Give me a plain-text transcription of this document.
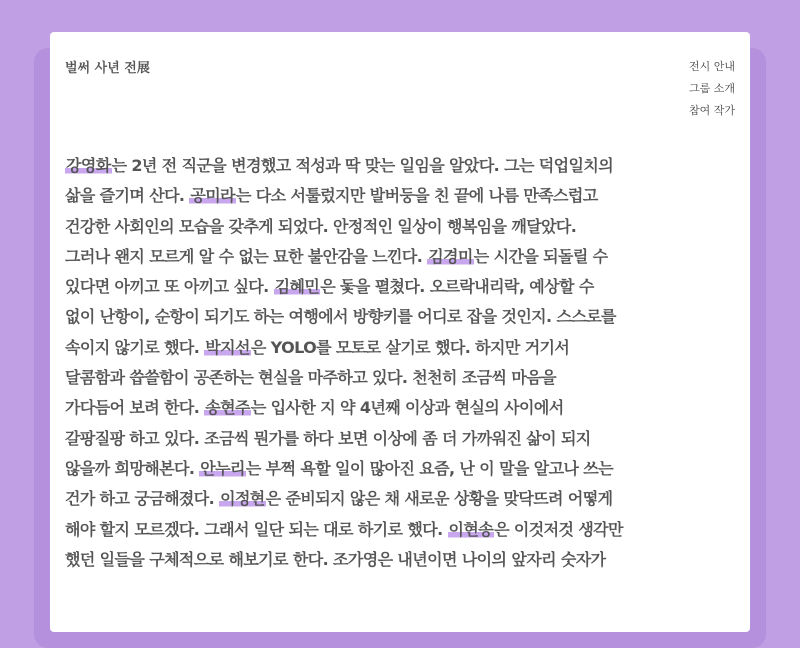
벌써 사년 전展	전시 안내
그룹 소개
참여 작가
강영화는 2년 전 직군을 변경했고 적성과 딱 맞는 일임을 알았다. 그는 덕업일치의
삶을 즐기며 산다. 공미라는 다소 서툴렀지만 발버둥을 친 끝에 나름 만족스럽고
건강한 사회인의 모습을 갖추게 되었다. 안정적인 일상이 행복임을 깨달았다.
그러나 왠지 모르게 알 수 없는 묘한 불안감을 느낀다. 김경미는 시간을 되돌릴 수
있다면 아끼고 또 아끼고 싶다. 김혜민은 돛을 펼쳤다. 오르락내리락, 예상할 수
없이 난항이, 순항이 되기도 하는 여행에서 방향키를 어디로 잡을 것인지. 스스로를
속이지 않기로 했다. 박지선은 YOLO를 모토로 살기로 했다. 하지만 거기서
달콤함과 씁쓸함이 공존하는 현실을 마주하고 있다. 천천히 조금씩 마음을
가다듬어 보려 한다. 송현주는 입사한 지 약 4년째 이상과 현실의 사이에서
갈팡질팡 하고 있다. 조금씩 뭔가를 하다 보면 이상에 좀 더 가까워진 삶이 되지
않을까 희망해본다. 안누리는 부쩍 욕할 일이 많아진 요즘, 난 이 말을 알고나 쓰는
건가 하고 궁금해졌다. 이정현은 준비되지 않은 채 새로운 상황을 맞닥뜨려 어떻게
해야 할지 모르겠다. 그래서 일단 되는 대로 하기로 했다. 이현송은 이것저것 생각만
했던 일들을 구체적으로 해보기로 한다. 조가영은 내년이면 나이의 앞자리 숫자가
